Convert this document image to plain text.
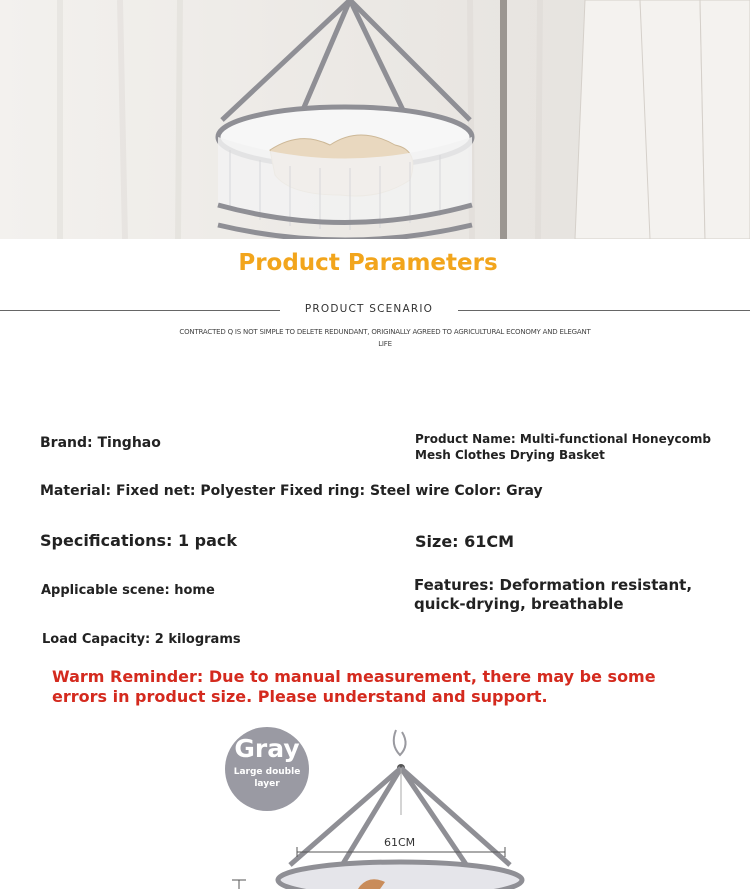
Product Parameters
PRODUCT SCENARIO
CONTRACTED Q IS NOT SIMPLE TO DELETE REDUNDANT, ORIGINALLY AGREED TO AGRICULTURAL ECONOMY AND ELEGANT LIFE
Brand: Tinghao	Product Name: Multi-functional Honeycomb Mesh Clothes Drying Basket
Material: Fixed net: Polyester Fixed ring: Steel wire Color: Gray
Specifications: 1 pack	Size: 61CM
Applicable scene: home	Features: Deformation resistant, quick-drying, breathable
Load Capacity: 2 kilograms
Warm Reminder: Due to manual measurement, there may be some errors in product size. Please understand and support.
61CM
Gray
Large double layer
